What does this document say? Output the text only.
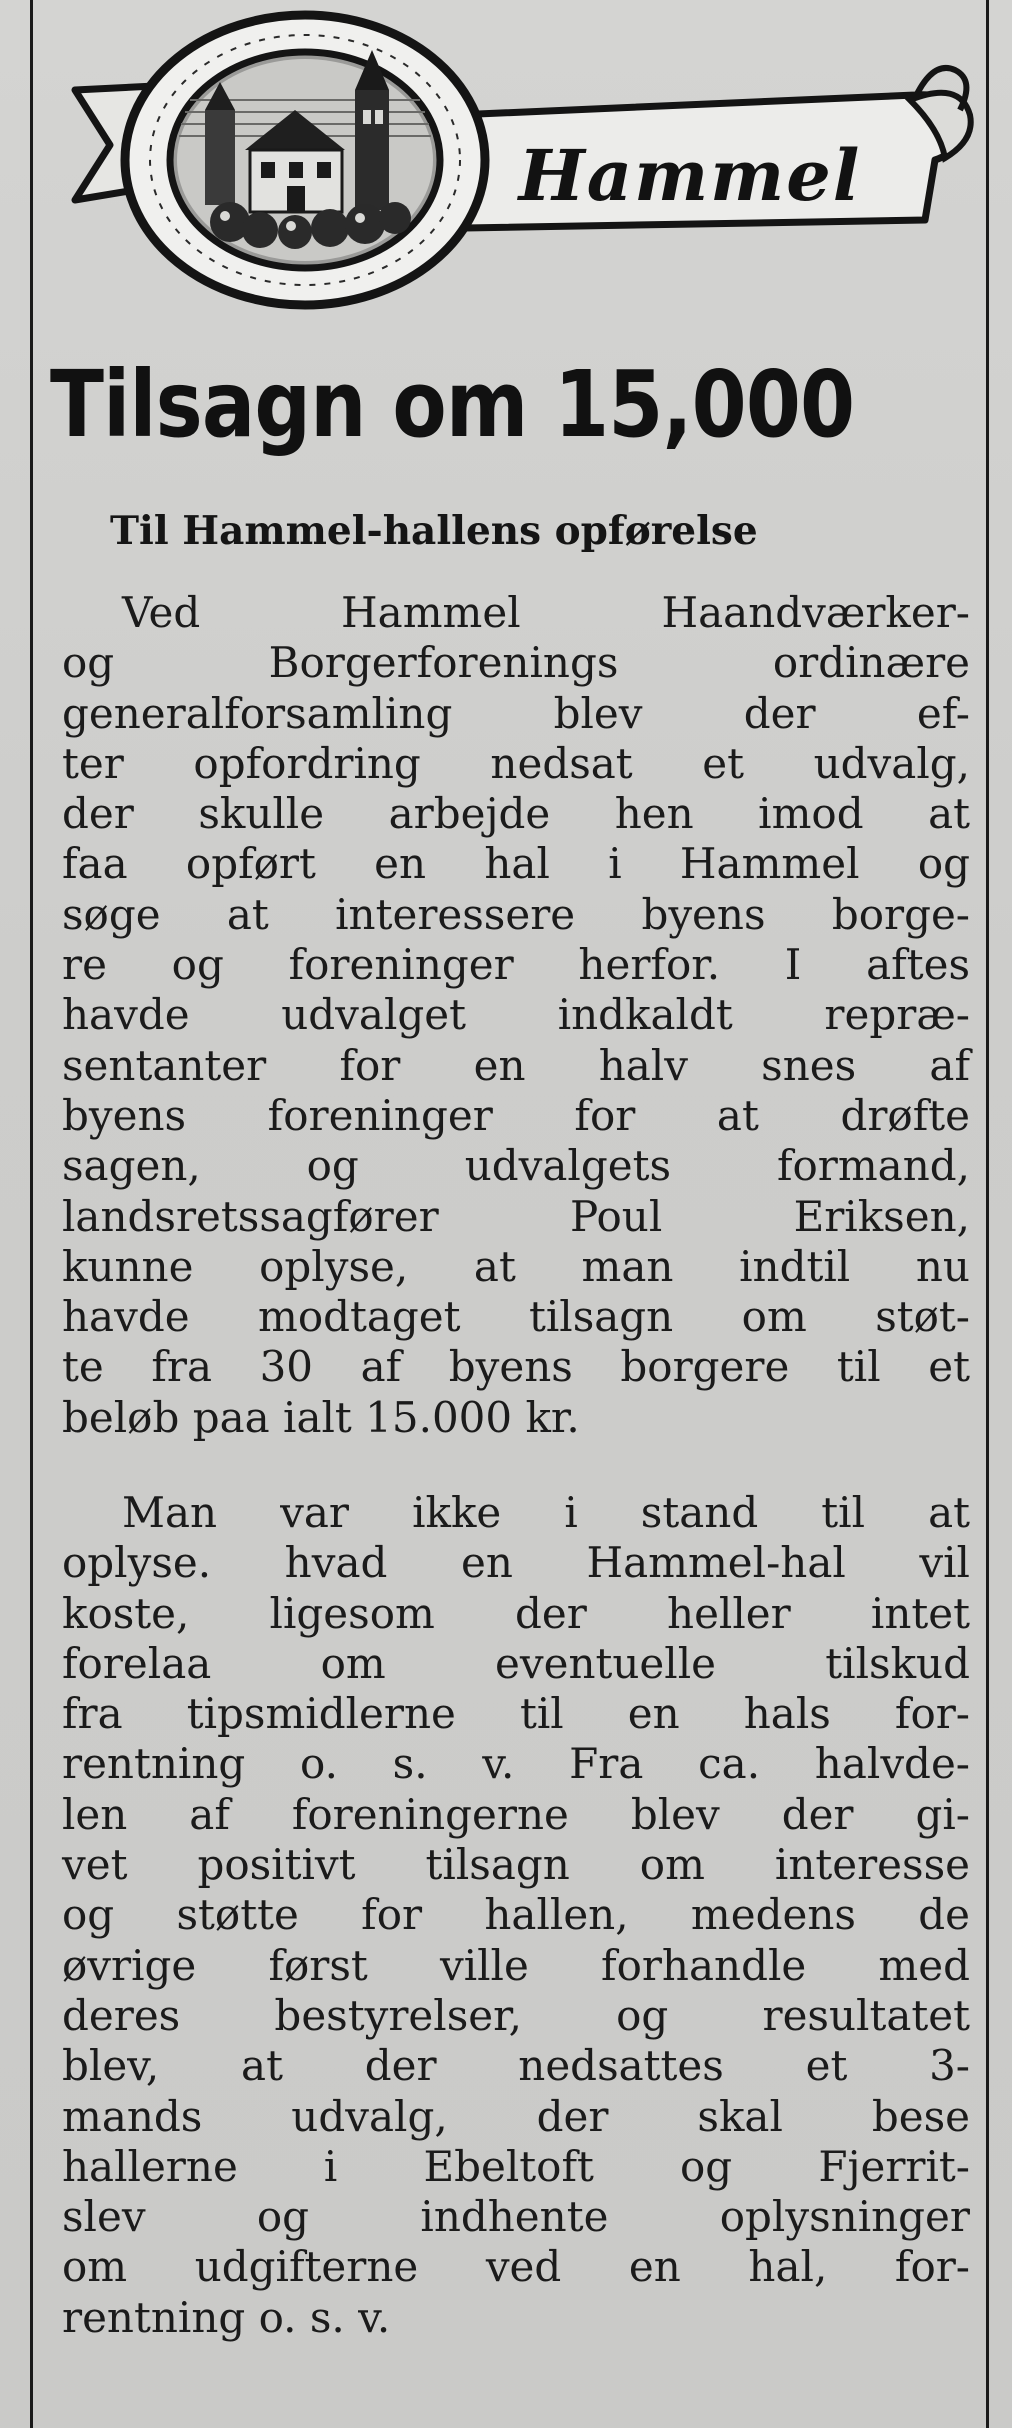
Hammel
Tilsagn om 15,000
Til Hammel-hallens opførelse
Ved Hammel Haandværker-
og Borgerforenings ordinære
generalforsamling blev der ef-
ter opfordring nedsat et udvalg,
der skulle arbejde hen imod at
faa opført en hal i Hammel og
søge at interessere byens borge-
re og foreninger herfor. I aftes
havde udvalget indkaldt repræ-
sentanter for en halv snes af
byens foreninger for at drøfte
sagen, og udvalgets formand,
landsretssagfører Poul Eriksen,
kunne oplyse, at man indtil nu
havde modtaget tilsagn om støt-
te fra 30 af byens borgere til et
beløb paa ialt 15.000 kr.
Man var ikke i stand til at
oplyse. hvad en Hammel-hal vil
koste, ligesom der heller intet
forelaa om eventuelle tilskud
fra tipsmidlerne til en hals for-
rentning o. s. v. Fra ca. halvde-
len af foreningerne blev der gi-
vet positivt tilsagn om interesse
og støtte for hallen, medens de
øvrige først ville forhandle med
deres bestyrelser, og resultatet
blev, at der nedsattes et 3-
mands udvalg, der skal bese
hallerne i Ebeltoft og Fjerrit-
slev og indhente oplysninger
om udgifterne ved en hal, for-
rentning o. s. v.
